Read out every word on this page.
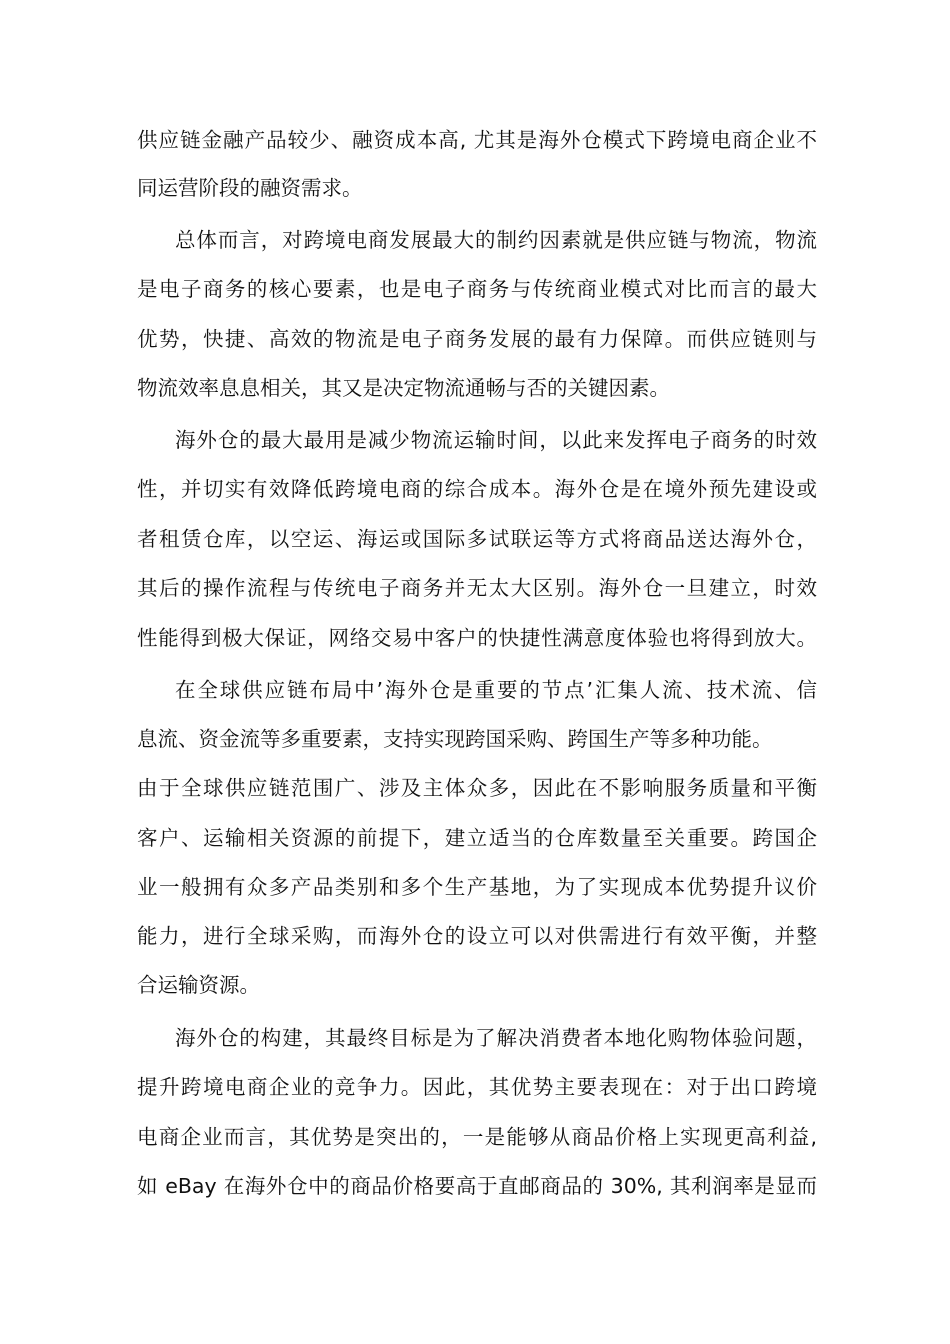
供应链金融产品较少、融资成本高, 尤其是海外仓模式下跨境电商企业不
同运营阶段的融资需求。
总体而言，对跨境电商发展最大的制约因素就是供应链与物流，物流
是电子商务的核心要素，也是电子商务与传统商业模式对比而言的最大
优势，快捷、高效的物流是电子商务发展的最有力保障。而供应链则与
物流效率息息相关，其又是决定物流通畅与否的关键因素。
海外仓的最大最用是减少物流运输时间，以此来发挥电子商务的时效
性，并切实有效降低跨境电商的综合成本。海外仓是在境外预先建设或
者租赁仓库，以空运、海运或国际多试联运等方式将商品送达海外仓，
其后的操作流程与传统电子商务并无太大区别。海外仓一旦建立，时效
性能得到极大保证，网络交易中客户的快捷性满意度体验也将得到放大。
在全球供应链布局中’海外仓是重要的节点’汇集人流、技术流、信
息流、资金流等多重要素，支持实现跨国采购、跨国生产等多种功能。
由于全球供应链范围广、涉及主体众多，因此在不影响服务质量和平衡
客户、运输相关资源的前提下，建立适当的仓库数量至关重要。跨国企
业一般拥有众多产品类别和多个生产基地，为了实现成本优势提升议价
能力，进行全球采购，而海外仓的设立可以对供需进行有效平衡，并整
合运输资源。
海外仓的构建，其最终目标是为了解决消费者本地化购物体验问题，
提升跨境电商企业的竞争力。因此，其优势主要表现在：对于出口跨境
电商企业而言，其优势是突出的，一是能够从商品价格上实现更高利益,
如 eBay 在海外仓中的商品价格要高于直邮商品的 30%, 其利润率是显而
